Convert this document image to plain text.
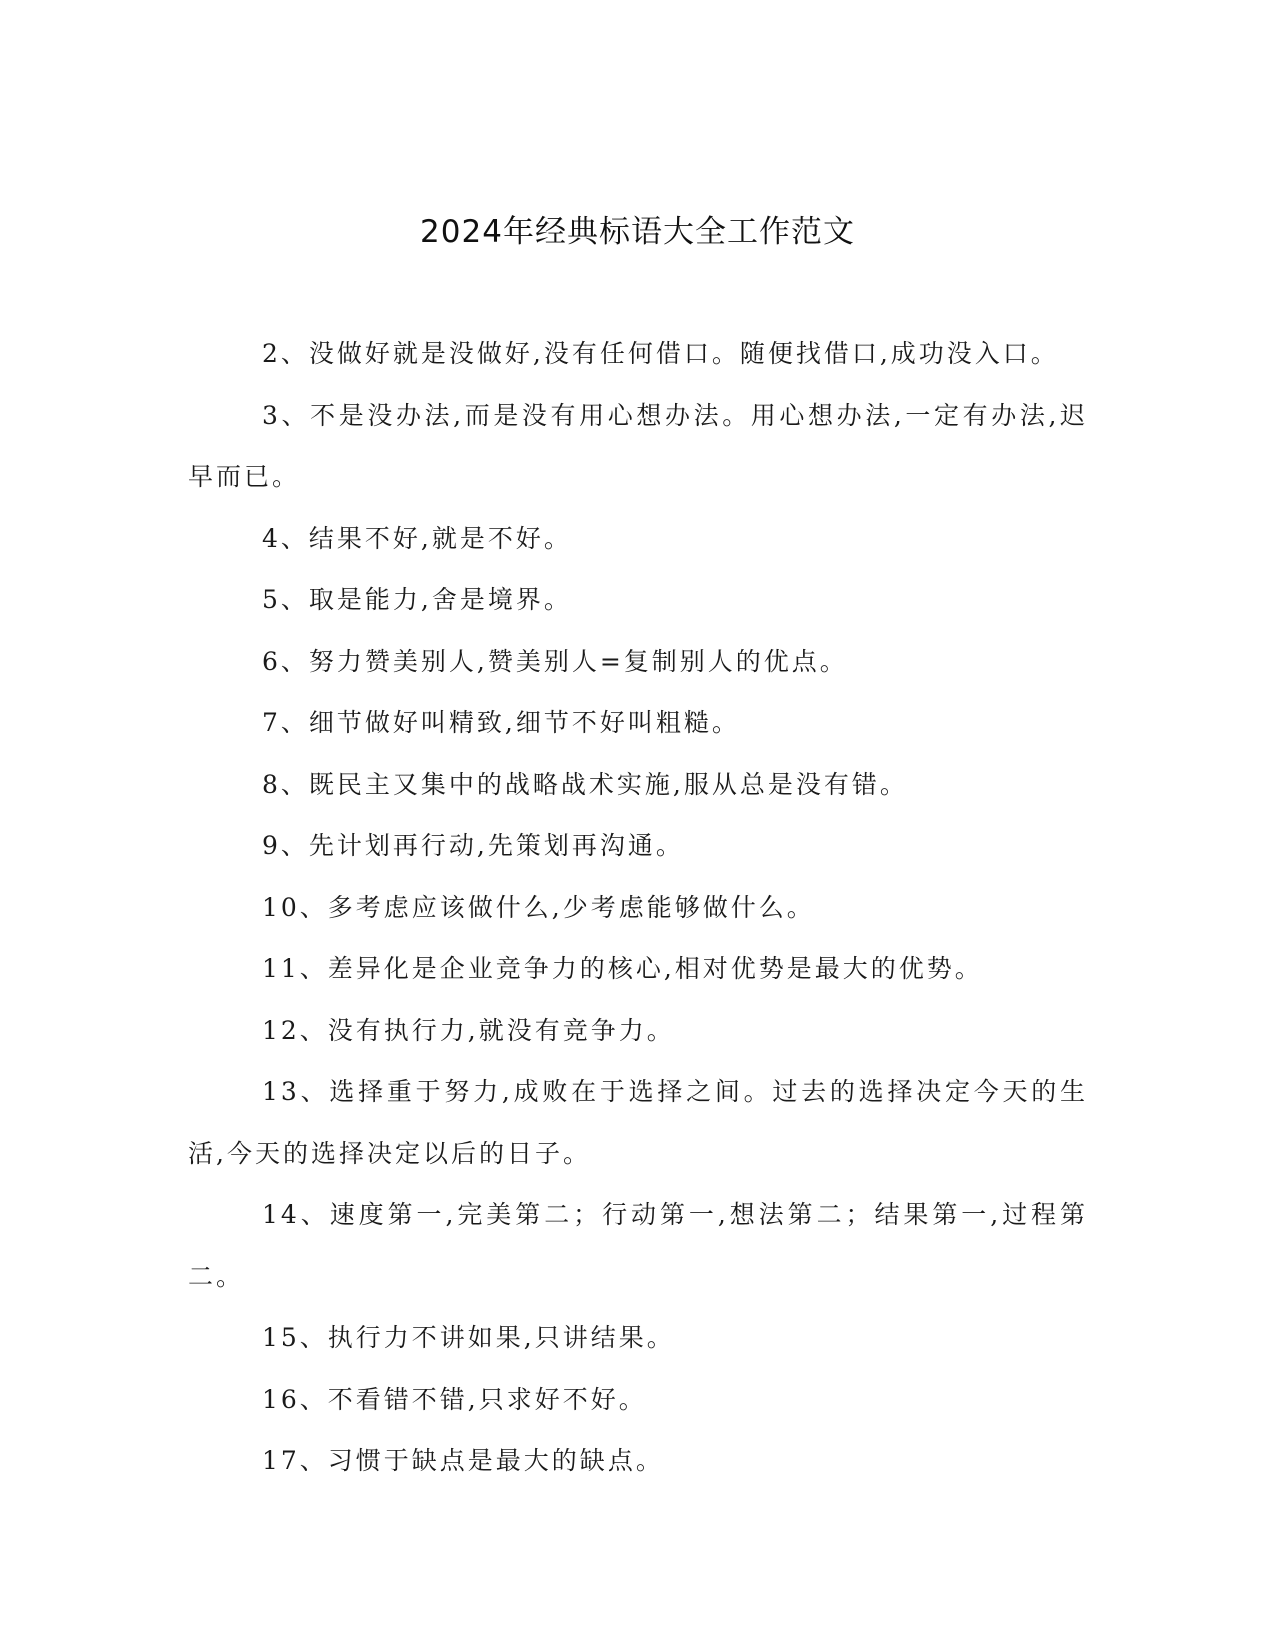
2024年经典标语大全工作范文

2、没做好就是没做好,没有任何借口。随便找借口,成功没入口。

3、不是没办法,而是没有用心想办法。用心想办法,一定有办法,迟早而已。

4、结果不好,就是不好。

5、取是能力,舍是境界。

6、努力赞美别人,赞美别人=复制别人的优点。

7、细节做好叫精致,细节不好叫粗糙。

8、既民主又集中的战略战术实施,服从总是没有错。

9、先计划再行动,先策划再沟通。

10、多考虑应该做什么,少考虑能够做什么。

11、差异化是企业竞争力的核心,相对优势是最大的优势。

12、没有执行力,就没有竞争力。

13、选择重于努力,成败在于选择之间。过去的选择决定今天的生活,今天的选择决定以后的日子。

14、速度第一,完美第二；行动第一,想法第二；结果第一,过程第二。

15、执行力不讲如果,只讲结果。

16、不看错不错,只求好不好。

17、习惯于缺点是最大的缺点。
